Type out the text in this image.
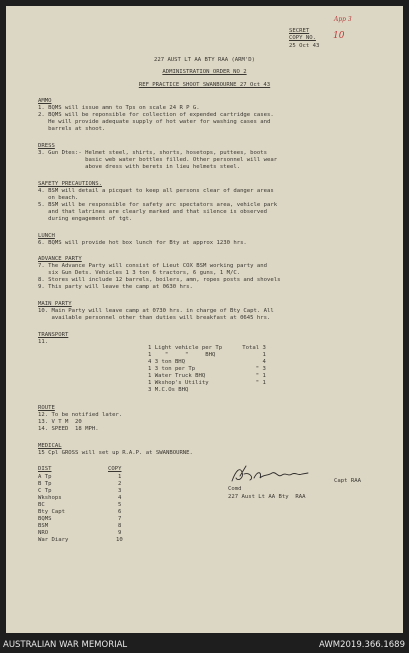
App 3
SECRET
COPY NO. 10
25 Oct 43
227 AUST LT AA BTY RAA (ARM'D)
ADMINISTRATION ORDER NO 2
REF PRACTICE SHOOT SWANBOURNE 27 Oct 43
AMMO
1. BQMS will issue amn to Tps on scale 24 R P G.
2. BQMS will be reponsible for collection of expended cartridge cases.
He will provide adequate supply of hot water for washing cases and
barrels at shoot.
DRESS
3. Gun Dtes:- Helmet steel, shirts, shorts, hosetops, puttees, boots
basic web water bottles filled. Other personnel will wear
above dress with berets in lieu helmets steel.
SAFETY PRECAUTIONS.
4. BSM will detail a picquet to keep all persons clear of danger areas
on beach.
5. BSM will be responsible for safety arc spectators area, vehicle park
and that latrines are clearly marked and that silence is observed
during engagement of tgt.
LUNCH
6. BQMS will provide hot box lunch for Bty at approx 1230 hrs.
ADVANCE PARTY
7. The Advance Party will consist of Lieut COX BSM working party and
six Gun Dets. Vehicles 1 3 ton 6 tractors, 6 guns, 1 M/C.
8. Stores will include 12 barrels, boilers, amn, ropes posts and shovels
9. This party will leave the camp at 0630 hrs.
MAIN PARTY
10. Main Party will leave camp at 0730 hrs. in charge of Bty Capt. All
available personnel other than duties will breakfast at 0645 hrs.
TRANSPORT
11.
1 Light vehicle per Tp      Total 3
1    "     "     BHQ              1
4 3 ton BHQ                       4
1 3 ton per Tp                  " 3
1 Water Truck BHQ               " 1
1 Wkshop's Utility              " 1
3 M.C.Os BHQ
ROUTE
12. To be notified later.
13. V T M  20
14. SPEED  18 MPH.
MEDICAL
15 Cpl GROSS will set up R.A.P. at SWANBOURNE.
DIST	COPY
A Tp	1
B Tp	2
C Tp	3
Wkshops	4
BC	5
Bty Capt	6
BQMS	7
BSM	8
NRO	9
War Diary	10
Capt RAA
Comd
227 Aust Lt AA Bty  RAA
AUSTRALIAN WAR MEMORIAL	AWM2019.366.1689
